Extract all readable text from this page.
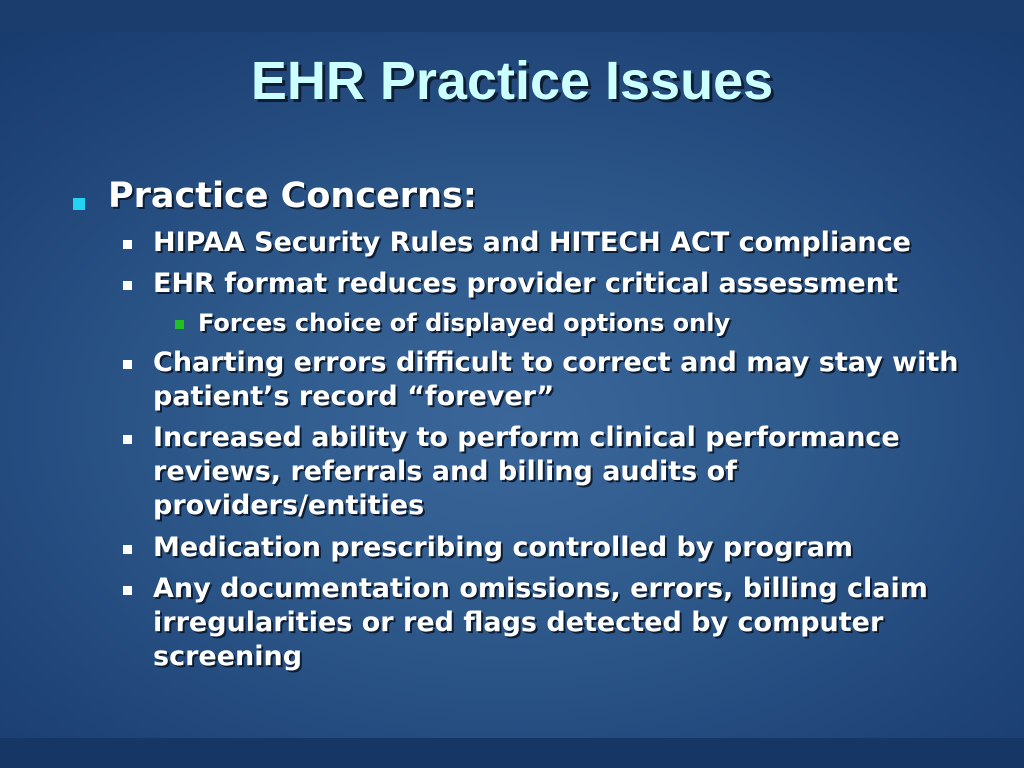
EHR Practice Issues
Practice Concerns:
HIPAA Security Rules and HITECH ACT compliance
EHR format reduces provider critical assessment
Forces choice of displayed options only
Charting errors difficult to correct and may stay with patient’s record “forever”
Increased ability to perform clinical performance reviews, referrals and billing audits of providers/entities
Medication prescribing controlled by program
Any documentation omissions, errors, billing claim irregularities or red flags detected by computer screening
